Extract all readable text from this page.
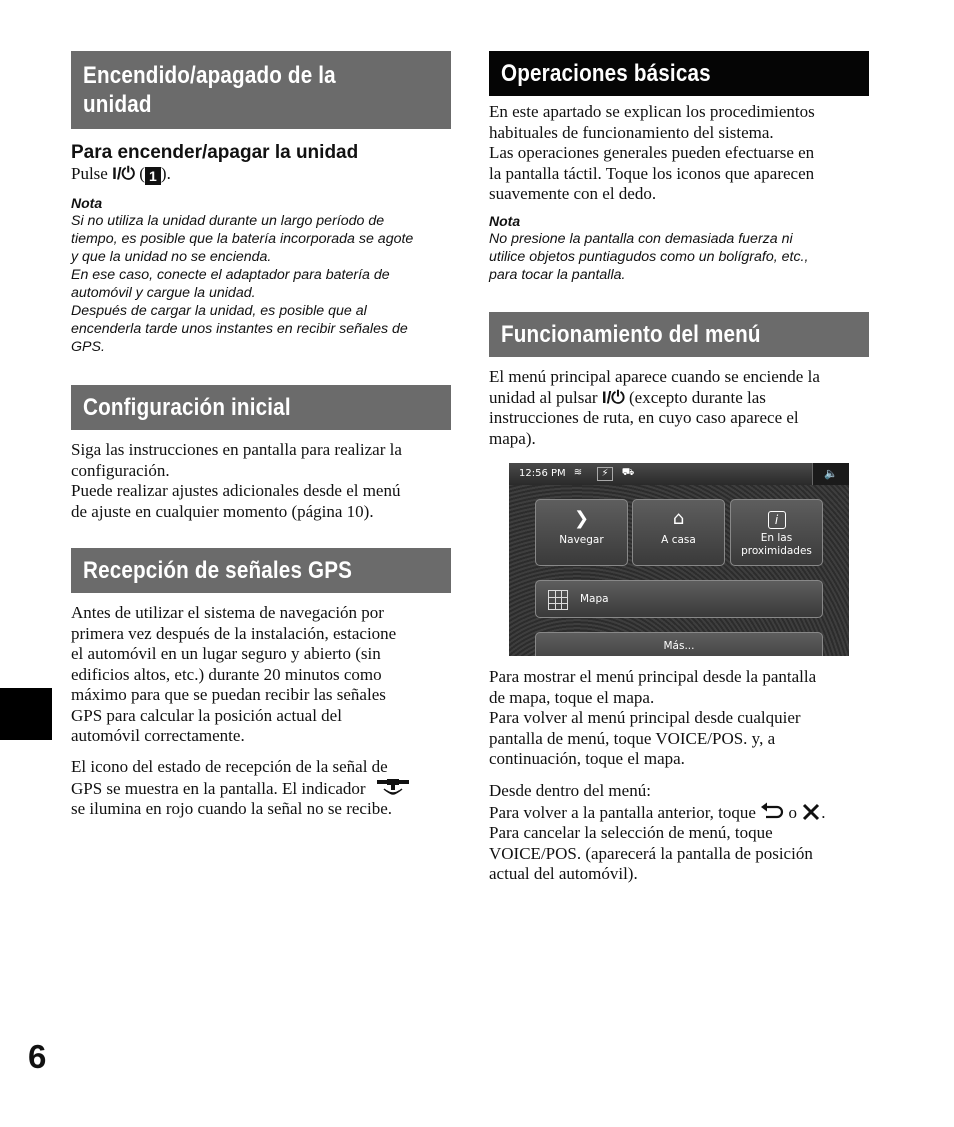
6
Encendido/apagado de la
unidad
Para encender/apagar la unidad
Pulse I/⏻ ( 1 ).
Nota

Si no utiliza la unidad durante un largo período de

tiempo, es posible que la batería incorporada se agote

y que la unidad no se encienda.

En ese caso, conecte el adaptador para batería de

automóvil y cargue la unidad.

Después de cargar la unidad, es posible que al

encenderla tarde unos instantes en recibir señales de

GPS.

Configuración inicial

Siga las instrucciones en pantalla para realizar la

configuración.

Puede realizar ajustes adicionales desde el menú

de ajuste en cualquier momento (página 10).

Recepción de señales GPS

Antes de utilizar el sistema de navegación por

primera vez después de la instalación, estacione

el automóvil en un lugar seguro y abierto (sin

edificios altos, etc.) durante 20 minutos como

máximo para que se puedan recibir las señales

GPS para calcular la posición actual del

automóvil correctamente.

El icono del estado de recepción de la señal de

GPS se muestra en la pantalla. El indicador

se ilumina en rojo cuando la señal no se recibe.

Operaciones básicas

En este apartado se explican los procedimientos

habituales de funcionamiento del sistema.

Las operaciones generales pueden efectuarse en

la pantalla táctil. Toque los iconos que aparecen

suavemente con el dedo.

Nota

No presione la pantalla con demasiada fuerza ni

utilice objetos puntiagudos como un bolígrafo, etc.,

para tocar la pantalla.

Funcionamiento del menú

El menú principal aparece cuando se enciende la

unidad al pulsar I/⏻ (excepto durante las

instrucciones de ruta, en cuyo caso aparece el

mapa).

12:56 PM ≋	⚡	⛟	🔈
❯
Navegar
⌂
A casa
i
En las
proximidades
Mapa
Más...

Para mostrar el menú principal desde la pantalla

de mapa, toque el mapa.

Para volver al menú principal desde cualquier

pantalla de menú, toque VOICE/POS. y, a

continuación, toque el mapa.

Desde dentro del menú:

Para volver a la pantalla anterior, toque  o .

Para cancelar la selección de menú, toque

VOICE/POS. (aparecerá la pantalla de posición

actual del automóvil).
